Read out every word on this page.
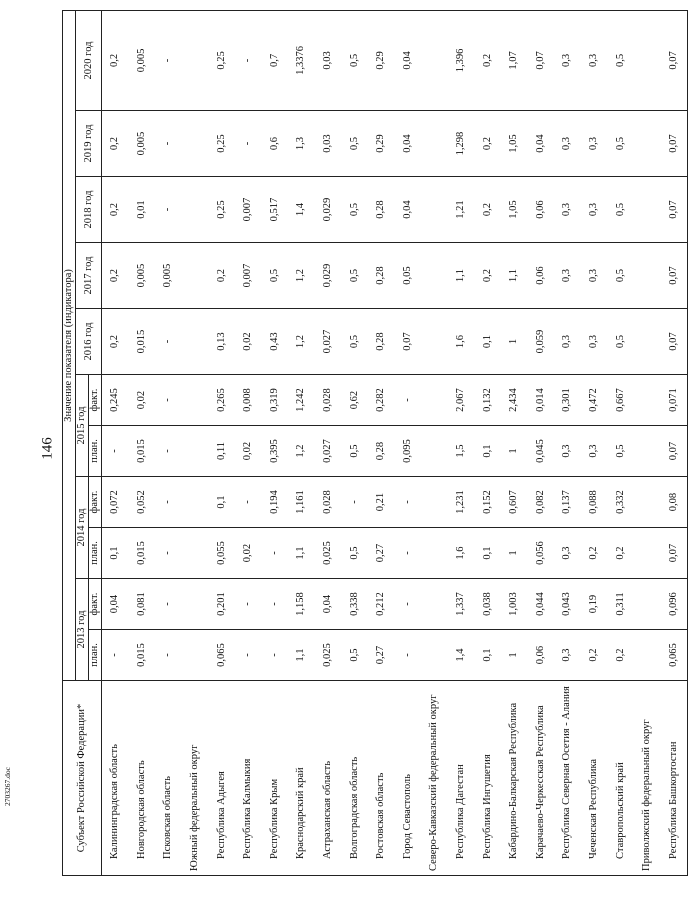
146
2703267.doc	Субъект Российской Федерации*	Значение показателя (индикатора)										
	2013 год		2014 год		2015 год		2016 год	2017 год	2018 год	2019 год	2020 год
	план.	факт.	план.	факт.	план.	факт.					
Калининградская область	-	0,04	0,1	0,072	-	0,245	0,2	0,2	0,2	0,2	0,2
Новгородская область	0,015	0,081	0,015	0,052	0,015	0,02	0,015	0,005	0,01	0,005	0,005
Псковская область	-	-	-	-	-	-	-	0,005	-	-	-
Южный федеральный округ											
Республика Адыгея	0,065	0,201	0,055	0,1	0,11	0,265	0,13	0,2	0,25	0,25	0,25
Республика Калмыкия	-	-	0,02	-	0,02	0,008	0,02	0,007	0,007	-	-
Республика Крым	-	-	-	0,194	0,395	0,319	0,43	0,5	0,517	0,6	0,7
Краснодарский край	1,1	1,158	1,1	1,161	1,2	1,242	1,2	1,2	1,4	1,3	1,3376
Астраханская область	0,025	0,04	0,025	0,028	0,027	0,028	0,027	0,029	0,029	0,03	0,03
Волгоградская область	0,5	0,338	0,5	-	0,5	0,62	0,5	0,5	0,5	0,5	0,5
Ростовская область	0,27	0,212	0,27	0,21	0,28	0,282	0,28	0,28	0,28	0,29	0,29
Город Севастополь	-	-	-	-	0,095	-	0,07	0,05	0,04	0,04	0,04
Северо-Кавказский федеральный округ											
Республика Дагестан	1,4	1,337	1,6	1,231	1,5	2,067	1,6	1,1	1,21	1,298	1,396
Республика Ингушетия	0,1	0,038	0,1	0,152	0,1	0,132	0,1	0,2	0,2	0,2	0,2
Кабардино-Балкарская Республика	1	1,003	1	0,607	1	2,434	1	1,1	1,05	1,05	1,07
Карачаево-Черкесская Республика	0,06	0,044	0,056	0,082	0,045	0,014	0,059	0,06	0,06	0,04	0,07
Республика Северная Осетия - Алания	0,3	0,043	0,3	0,137	0,3	0,301	0,3	0,3	0,3	0,3	0,3
Чеченская Республика	0,2	0,19	0,2	0,088	0,3	0,472	0,3	0,3	0,3	0,3	0,3
Ставропольский край	0,2	0,311	0,2	0,332	0,5	0,667	0,5	0,5	0,5	0,5	0,5
Приволжский федеральный округ											
Республика Башкортостан	0,065	0,096	0,07	0,08	0,07	0,071	0,07	0,07	0,07	0,07	0,07
